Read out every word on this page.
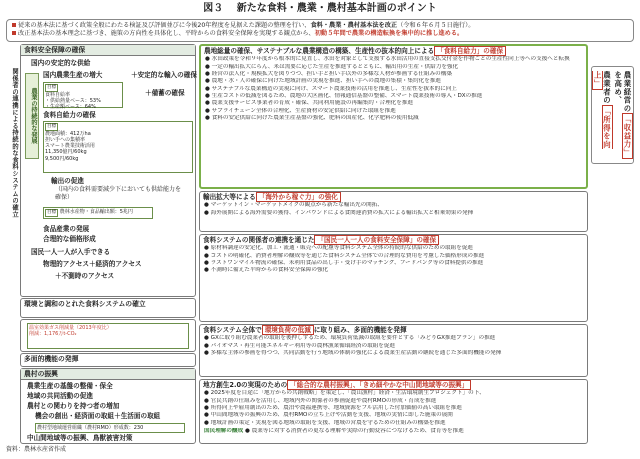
図３ 新たな食料・農業・農村基本計画のポイント
従来の基本法に基づく政策全般にわたる検証及び評価並びに今後20年程度を見据えた課題の整理を行い、食料・農業・農村基本法を改正（令和６年６月５日施行）。
改正基本法の基本理念に基づき、施策の方向性を具体化し、平時からの食料安全保障を実現する観点から、初動５年間で農業の構造転換を集中的に推し進める。
関係者の連携による持続的な食料システムの確立
食料安全保障の確保
農業の持続的な発展
国内の安定的な供給
国内農業生産の増大	＋安定的な輸入の確保
＋備蓄の確保
目標
食料自給率
・供給熱量ベース：53%
・生産額ベース：64%
食料自給力の確保
目標
農地面積：412万ha
担い手への集積率
スマート農業技術活用
11,350億円/60kg
9,500円/60kg
輸出の促進
（国内の食料需要減少下においても供給能力を確保）
目標 農林水産物・食品輸出額：5兆円
食品産業の発展
合理的な価格形成
国民一人一人が入手できる
物理的アクセス＋経済的アクセス
＋不測時のアクセス
環境と調和のとれた食料システムの確立
温室効果ガス削減量（2013年度比）
削減：1,176万t-CO₂
多面的機能の発揮
農村の振興
農業生産の基盤の整備・保全
地域の共同活動の促進
農村との関わりを持つ者の増加
機会の創出・経済面の取組＋生活面の取組
農村型地域運営組織（農村RMO）形成数：230
中山間地域等の振興、鳥獣被害対策
農地総量の確保、サステナブルな農業構造の構築、生産性の抜本的向上による 「食料自給力」の確保
● 水田政策を令和９年度から根本的に見直し、水田を対象として支援する水田活用の直接支払交付金を作物ごとの生産性向上等への支援へと転換
● 一定の輸出拡大にらん、米は需要に応じた生産を推進するとともに、輸出用の生産・供給力を強化
● 経営の法人化・規模拡大を図りつつ、担い手と担い手以外の多様な人材が参画する仕組みの構築
● 農地・水・人の確保に向けた地域計画の実現を推進、担い手への農地の集積・集約化を推進
● サステナブルな農業構造の実現に向け、スマート農業技術の活用を推進し、生産性を抜本的に向上
● 生産コストの低減を図るため、農地の大区画化、情報通信基盤の整備、スマート農業技術の導入・DXの推進
● 農業支援サービス事業者の育成・確保、共同利用施設の再編集約・合理化を推進
● サプライチェーン全体の合理化、生産資材の安定供給に向けた取組を推進
● 食料の安定供給に向けた農業生産基盤の強化、肥料の国産化、化学肥料の使用低減
輸出拡大等による 「海外から稼ぐ力」の強化
● マーケットイン・マーケットメイクの観点から新たな輸出先の開拓、
● 海外展開による海外需要の獲得、インバウンドによる食関連消費の拡大による輸出拡大と相乗効果の発揮
食料システムの関係者の連携を通じた 「国民一人一人の食料安全保障」の確保
● 原材料調達の安定化、加工・流通・販売への配慮等食料システム全体の持続的な供給のための取組を促進
● コストの明確化、消費者理解の醸成等を通じた食料システム全体での合理的な費用を考慮した価格形成の推進
● ラストワンマイル物流の確保、未利用食品の出し手・受け手のマッチング、フードバンク等の食料提供の推進
● 不測時に備えた平時からの食料安全保障の強化
食料システム全体で 環境負荷の低減 に取り組み、多面的機能を発揮
● GXに取り組む農業者の取組を後押しするため、環境負荷低減の取組を要件とする「みどりGX推進プラン」の推進
● バイオマス・再生可能エネルギー利用等の農林漁業循環経済の取組を促進
● 多様な主体の参画を得つつ、共同活動を行う地域の体制の強化による農業生産活動の継続を通じた多面的機能の発揮
地方創生2.0の実現のための 「総合的な農村振興」、「きめ細やかな中山間地域等の振興」
● 2025年度を目途に「地方からの共創戦略」を策定し、「農山漁村」経済・生活環境創生プロジェクト」の下、
● 官民共創の仕組みを活用し、地域内外の関係者の参画促進や農村RMOの形成・育成を推進
● 所得向上や雇用創出のため、農泊や農福連携等、地域資源をフル活用した付加価値の高い取組を推進
● 中山間地域等の振興のため、農村RMOの立ち上げや活動を支援、地域の実情に即した施策の展開
● 地域計画の策定・実現を図る地域の取組を支援、地域の営農を守るための仕組みの構築を推進
国民理解の醸成 ● 農業等に対する消費者の更なる理解や実際の行動変容につなげるため、食育等を推進
農業経営の「収益力」を高め、
農業者の「所得を向上」
資料：農林水産省作成
